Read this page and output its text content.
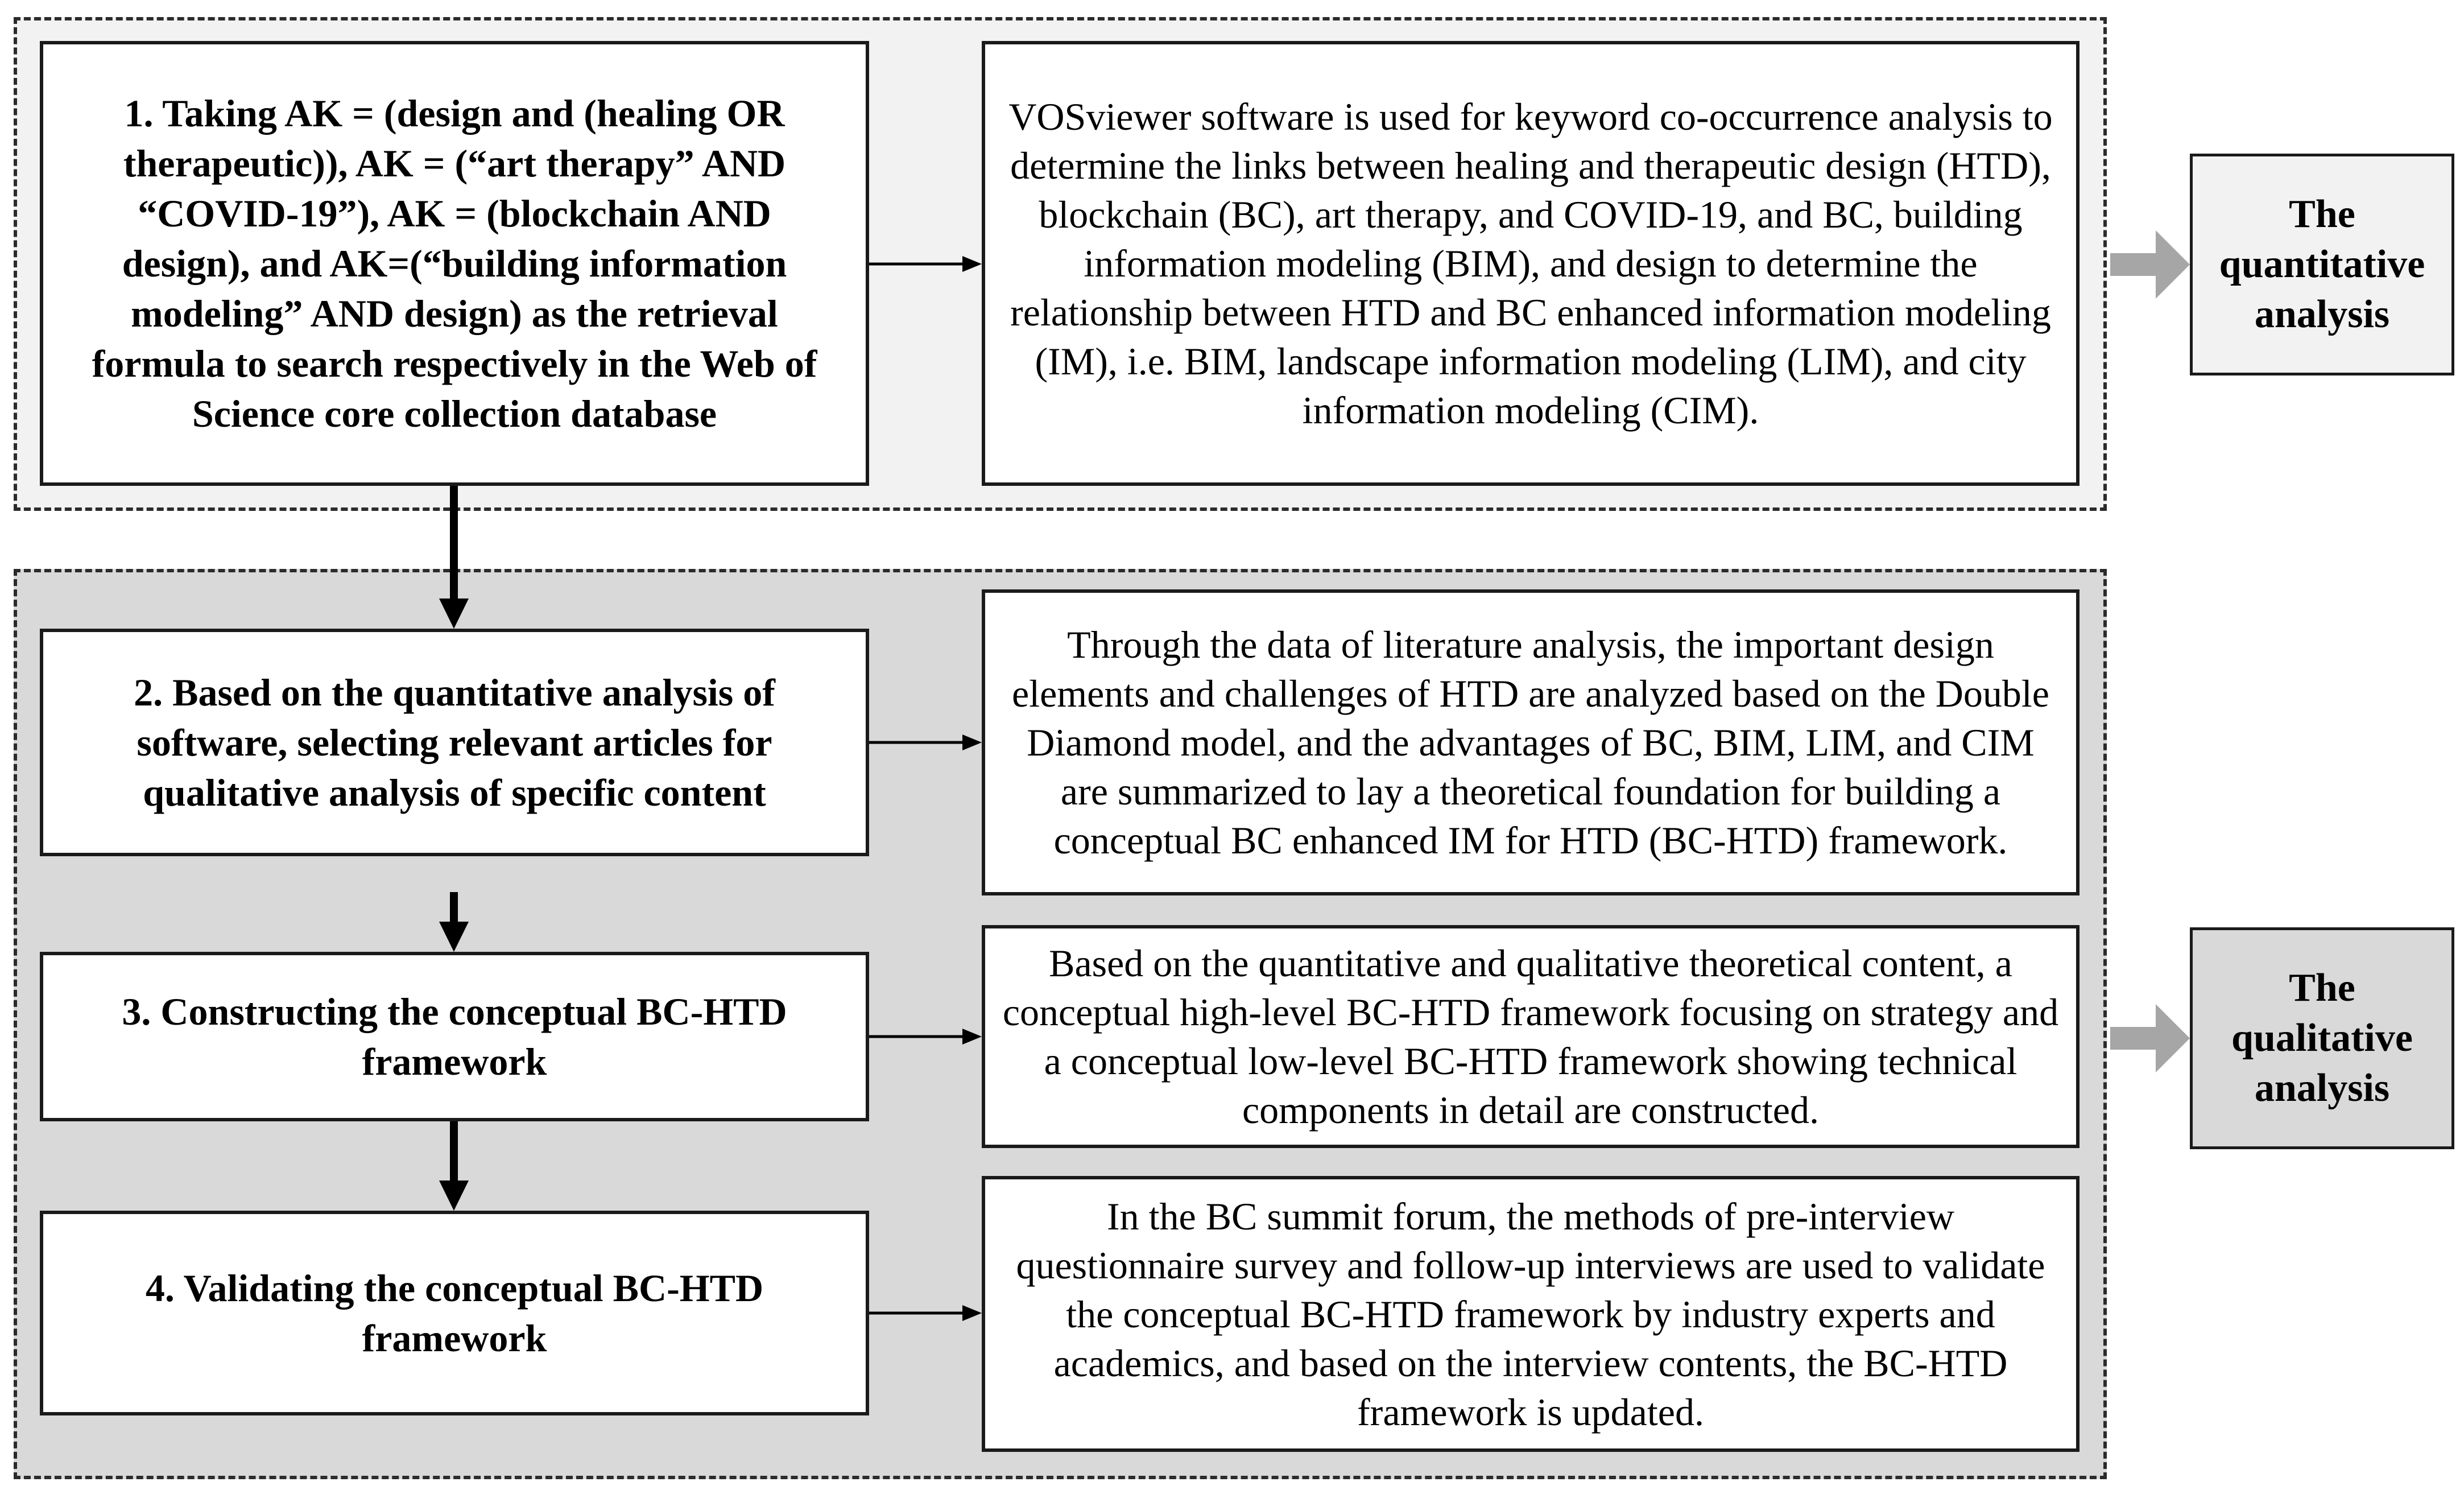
1. Taking AK = (design and (healing OR therapeutic)), AK = (“art therapy” AND “COVID-19”), AK = (blockchain AND design), and AK=(“building information modeling” AND design) as the retrieval formula to search respectively in the Web of Science core collection database
2. Based on the quantitative analysis of software, selecting relevant articles for qualitative analysis of specific content
3. Constructing the conceptual BC-HTD framework
4. Validating the conceptual BC-HTD framework
VOSviewer software is used for keyword co-occurrence analysis to determine the links between healing and therapeutic design (HTD), blockchain (BC), art therapy, and COVID-19, and BC, building information modeling (BIM), and design to determine the relationship between HTD and BC enhanced information modeling (IM), i.e. BIM, landscape information modeling (LIM), and city information modeling (CIM).
Through the data of literature analysis, the important design elements and challenges of HTD are analyzed based on the Double Diamond model, and the advantages of BC, BIM, LIM, and CIM are summarized to lay a theoretical foundation for building a conceptual BC enhanced IM for HTD (BC-HTD) framework.
Based on the quantitative and qualitative theoretical content, a conceptual high-level BC-HTD framework focusing on strategy and a conceptual low-level BC-HTD framework showing technical components in detail are constructed.
In the BC summit forum, the methods of pre-interview questionnaire survey and follow-up interviews are used to validate the conceptual BC-HTD framework by industry experts and academics, and based on the interview contents, the BC-HTD framework is updated.
The quantitative analysis
The qualitative analysis
